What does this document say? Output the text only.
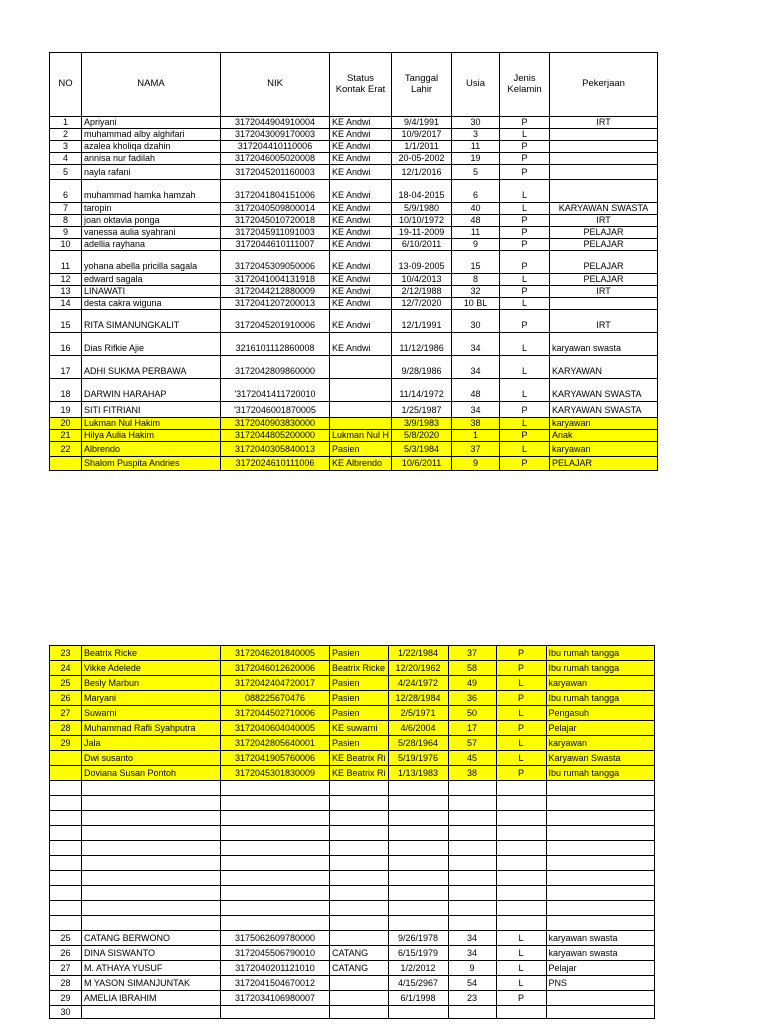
NO	NAMA	NIK	Status Kontak Erat	Tanggal Lahir	Usia	Jenis Kelamin	Pekerjaan
1	Apriyani	3172044904910004	KE Andwi	9/4/1991	30	P	IRT
2	muhammad alby alghifari	3172043009170003	KE Andwi	10/9/2017	3	L	
3	azalea kholiqa dzahin	317204410110006	KE Andwi	1/1/2011	11	P	
4	annisa nur fadilah	3172046005020008	KE Andwi	20-05-2002	19	P	
5	nayla rafani	3172045201160003	KE Andwi	12/1/2016	5	P	
6	muhammad hamka hamzah	3172041804151006	KE Andwi	18-04-2015	6	L	
7	taropin	3172040509800014	KE Andwi	5/9/1980	40	L	KARYAWAN SWASTA
8	joan oktavia ponga	3172045010720018	KE Andwi	10/10/1972	48	P	IRT
9	vanessa aulia syahrani	3172045911091003	KE Andwi	19-11-2009	11	P	PELAJAR
10	adellia rayhana	3172044610111007	KE Andwi	6/10/2011	9	P	PELAJAR
11	yohana abella pricilla sagala	3172045309050006	KE Andwi	13-09-2005	15	P	PELAJAR
12	edward sagala	3172041004131918	KE Andwi	10/4/2013	8	L	PELAJAR
13	LINAWATI	3172044212880009	KE Andwi	2/12/1988	32	P	IRT
14	desta cakra wiguna	3172041207200013	KE Andwi	12/7/2020	10 BL	L	
15	RITA SIMANUNGKALIT	3172045201910006	KE Andwi	12/1/1991	30	P	IRT
16	Dias Rifkie Ajie	3216101112860008	KE Andwi	11/12/1986	34	L	karyawan swasta
17	ADHI SUKMA PERBAWA	3172042809860000		9/28/1986	34	L	KARYAWAN
18	DARWIN HARAHAP	'3172041411720010		11/14/1972	48	L	KARYAWAN SWASTA
19	SITI FITRIANI	'3172046001870005		1/25/1987	34	P	KARYAWAN SWASTA
20	Lukman Nul Hakim	3172040903830000		3/9/1983	38	L	karyawan
21	Hilya Aulia Hakim	3172044805200000	Lukman Nul H	5/8/2020	1	P	Anak
22	Albrendo	3172040305840013	Pasien	5/3/1984	37	L	karyawan
	Shalom Puspita Andries	3172024610111006	KE Albrendo	10/6/2011	9	P	PELAJAR
23	Beatrix Ricke	3172046201840005	Pasien	1/22/1984	37	P	Ibu rumah tangga
24	Vikke Adelede	3172046012620006	Beatrix Ricke	12/20/1962	58	P	Ibu rumah tangga
25	Besly Marbun	3172042404720017	Pasien	4/24/1972	49	L	karyawan
26	Maryani	088225670476	Pasien	12/28/1984	36	P	Ibu rumah tangga
27	Suwarni	3172044502710006	Pasien	2/5/1971	50	L	Pengasuh
28	Muhammad Rafli Syahputra	3172040604040005	KE suwarni	4/6/2004	17	P	Pelajar
29	Jala	3172042805640001	Pasien	5/28/1964	57	L	karyawan
	Dwi susanto	3172041905760006	KE Beatrix Ri	5/19/1976	45	L	Karyawan Swasta
	Doviana Susan Pontoh	3172045301830009	KE Beatrix Ri	1/13/1983	38	P	Ibu rumah tangga

25	CATANG BERWONO	3175062609780000		9/26/1978	34	L	karyawan swasta
26	DINA SISWANTO	3172045506790010	CATANG	6/15/1979	34	L	karyawan swasta
27	M. ATHAYA YUSUF	3172040201121010	CATANG	1/2/2012	9	L	Pelajar
28	M YASON SIMANJUNTAK	3172041504670012		4/15/2967	54	L	PNS
29	AMELIA IBRAHIM	3172034106980007		6/1/1998	23	P	
30							
